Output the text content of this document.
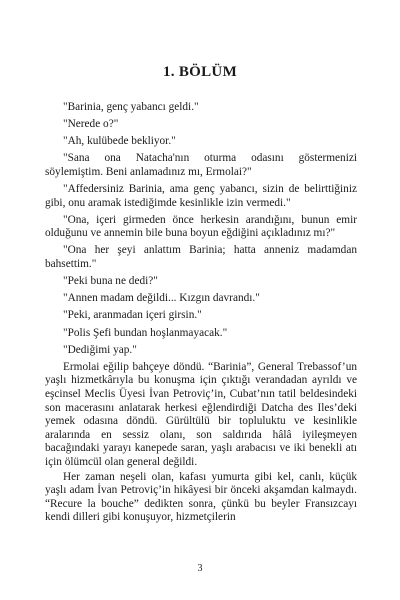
1. BÖLÜM

"Barinia, genç yabancı geldi."

"Nerede o?"

"Ah, kulübede bekliyor."

"Sana ona Natacha'nın oturma odasını göstermenizi söylemiştim. Beni anlamadınız mı, Ermolai?"

"Affedersiniz Barinia, ama genç yabancı, sizin de belirttiğiniz gibi, onu aramak istediğimde kesinlikle izin vermedi."

"Ona, içeri girmeden önce herkesin arandığını, bunun emir olduğunu ve annemin bile buna boyun eğdiğini açıkladınız mı?"

"Ona her şeyi anlattım Barinia; hatta anneniz madamdan bahsettim."

"Peki buna ne dedi?"

"Annen madam değildi... Kızgın davrandı."

"Peki, aranmadan içeri girsin."

"Polis Şefi bundan hoşlanmayacak."

"Dediğimi yap."

Ermolai eğilip bahçeye döndü. “Barinia”, General Trebassof’un yaşlı hizmetkârıyla bu konuşma için çıktığı verandadan ayrıldı ve eşcinsel Meclis Üyesi İvan Petroviç’in, Cubat’nın tatil beldesindeki son macerasını anlatarak herkesi eğlendirdiği Datcha des Iles’deki yemek odasına döndü. Gürültülü bir topluluktu ve kesinlikle aralarında en sessiz olanı, son saldırıda hâlâ iyileşmeyen bacağındaki yarayı kanepede saran, yaşlı arabacısı ve iki benekli atı için ölümcül olan general değildi.

Her zaman neşeli olan, kafası yumurta gibi kel, canlı, küçük yaşlı adam İvan Petroviç’in hikâyesi bir önceki akşamdan kalmaydı. “Recure la bouche” dedikten sonra, çünkü bu beyler Fransızcayı kendi dilleri gibi konuşuyor, hizmetçilerin

3
